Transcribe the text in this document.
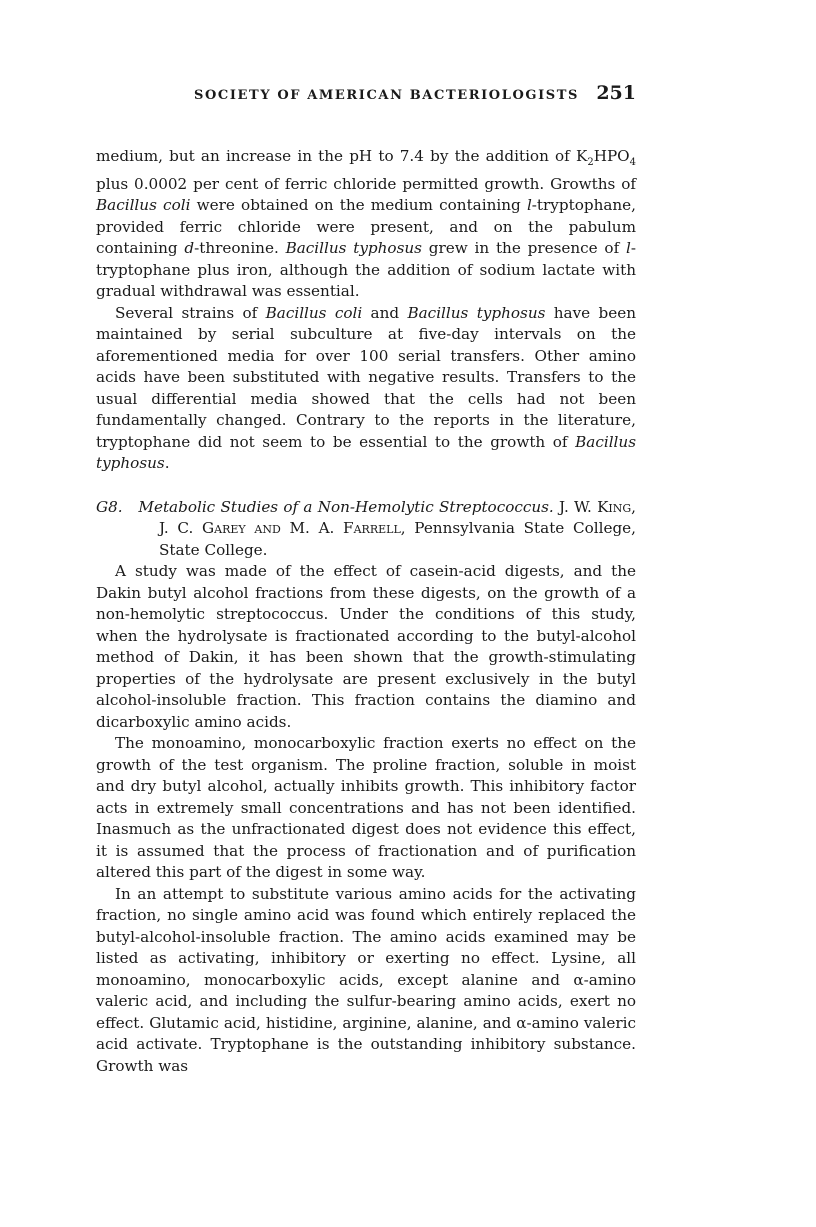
SOCIETY OF AMERICAN BACTERIOLOGISTS 251

medium, but an increase in the pH to 7.4 by the addition of $K_2HPO_4$ plus 0.0002 per cent of ferric chloride permitted growth. Growths of Bacillus coli were obtained on the medium containing l-tryptophane, provided ferric chloride were present, and on the pabulum containing d-threonine. Bacillus typhosus grew in the presence of l-tryptophane plus iron, although the addition of sodium lactate with gradual withdrawal was essential.

Several strains of Bacillus coli and Bacillus typhosus have been maintained by serial subculture at five-day intervals on the aforementioned media for over 100 serial transfers. Other amino acids have been substituted with negative results. Transfers to the usual differential media showed that the cells had not been fundamentally changed. Contrary to the reports in the literature, tryptophane did not seem to be essential to the growth of Bacillus typhosus.

G8. Metabolic Studies of a Non-Hemolytic Streptococcus. J. W. King, J. C. Garey and M. A. Farrell, Pennsylvania State College, State College.

A study was made of the effect of casein-acid digests, and the Dakin butyl alcohol fractions from these digests, on the growth of a non-hemolytic streptococcus. Under the conditions of this study, when the hydrolysate is fractionated according to the butyl-alcohol method of Dakin, it has been shown that the growth-stimulating properties of the hydrolysate are present exclusively in the butyl alcohol-insoluble fraction. This fraction contains the diamino and dicarboxylic amino acids.

The monoamino, monocarboxylic fraction exerts no effect on the growth of the test organism. The proline fraction, soluble in moist and dry butyl alcohol, actually inhibits growth. This inhibitory factor acts in extremely small concentrations and has not been identified. Inasmuch as the unfractionated digest does not evidence this effect, it is assumed that the process of fractionation and of purification altered this part of the digest in some way.

In an attempt to substitute various amino acids for the activating fraction, no single amino acid was found which entirely replaced the butyl-alcohol-insoluble fraction. The amino acids examined may be listed as activating, inhibitory or exerting no effect. Lysine, all monoamino, monocarboxylic acids, except alanine and α-amino valeric acid, and including the sulfur-bearing amino acids, exert no effect. Glutamic acid, histidine, arginine, alanine, and α-amino valeric acid activate. Tryptophane is the outstanding inhibitory substance. Growth was
